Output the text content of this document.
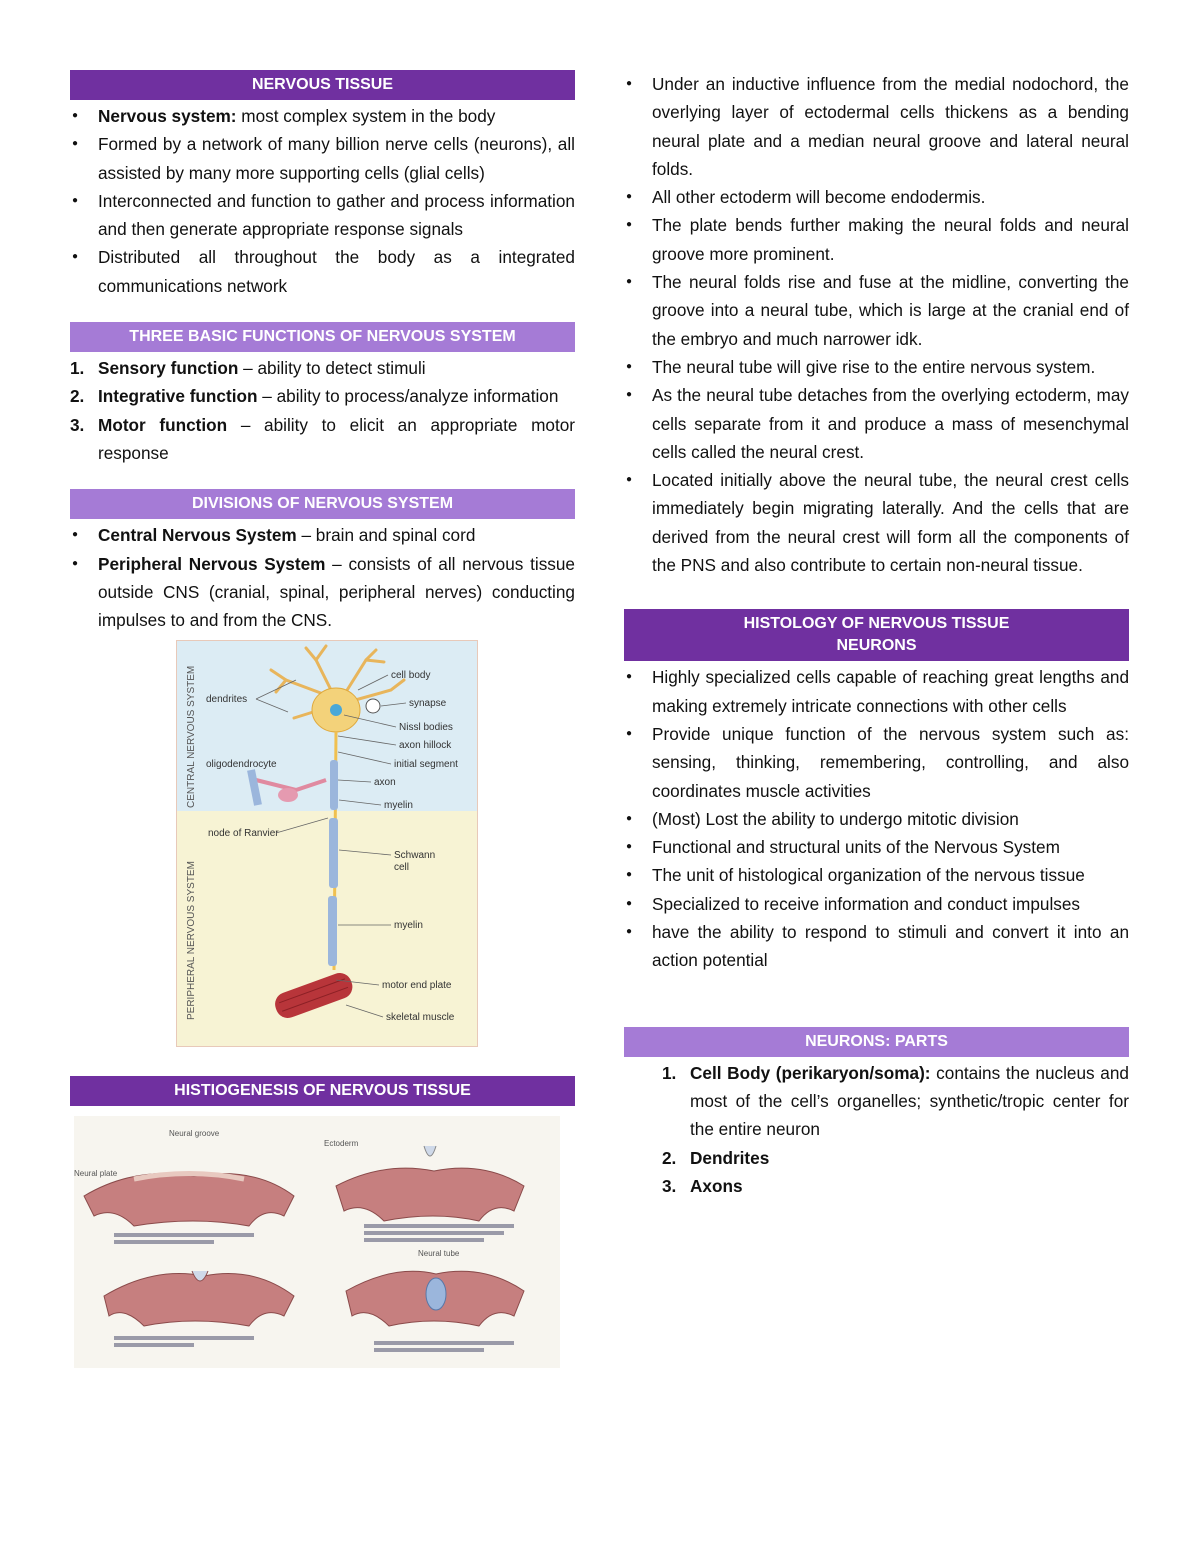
NERVOUS TISSUE
● Nervous system: most complex system in the body
● Formed by a network of many billion nerve cells (neurons), all assisted by many more supporting cells (glial cells)
● Interconnected and function to gather and process information and then generate appropriate response signals
● Distributed all throughout the body as a integrated communications network
THREE BASIC FUNCTIONS OF NERVOUS SYSTEM
1. Sensory function – ability to detect stimuli
2. Integrative function – ability to process/analyze information
3. Motor function – ability to elicit an appropriate motor response
DIVISIONS OF NERVOUS SYSTEM
● Central Nervous System – brain and spinal cord
● Peripheral Nervous System – consists of all nervous tissue outside CNS (cranial, spinal, peripheral nerves) conducting impulses to and from the CNS.
CENTRAL NERVOUS SYSTEM
PERIPHERAL NERVOUS SYSTEM
dendrites
cell body
synapse
Nissl bodies
axon hillock
oligodendrocyte	initial segment
axon
myelin
node of Ranvier
Schwann
cell
myelin
motor end plate
skeletal muscle
HISTIOGENESIS OF NERVOUS TISSUE
Neural groove
Ectoderm
Neural plate
Neural tube
● Under an inductive influence from the medial nodochord, the overlying layer of ectodermal cells thickens as a bending neural plate and a median neural groove and lateral neural folds.
● All other ectoderm will become endodermis.
● The plate bends further making the neural folds and neural groove more prominent.
● The neural folds rise and fuse at the midline, converting the groove into a neural tube, which is large at the cranial end of the embryo and much narrower idk.
● The neural tube will give rise to the entire nervous system.
● As the neural tube detaches from the overlying ectoderm, may cells separate from it and produce a mass of mesenchymal cells called the neural crest.
● Located initially above the neural tube, the neural crest cells immediately begin migrating laterally. And the cells that are derived from the neural crest will form all the components of the PNS and also contribute to certain non-neural tissue.
HISTOLOGY OF NERVOUS TISSUE
NEURONS
● Highly specialized cells capable of reaching great lengths and making extremely intricate connections with other cells
● Provide unique function of the nervous system such as: sensing, thinking, remembering, controlling, and also coordinates muscle activities
● (Most) Lost the ability to undergo mitotic division
● Functional and structural units of the Nervous System
● The unit of histological organization of the nervous tissue
● Specialized to receive information and conduct impulses
● have the ability to respond to stimuli and convert it into an action potential
NEURONS: PARTS
1. Cell Body (perikaryon/soma): contains the nucleus and most of the cell’s organelles; synthetic/tropic center for the entire neuron
2. Dendrites
3. Axons
